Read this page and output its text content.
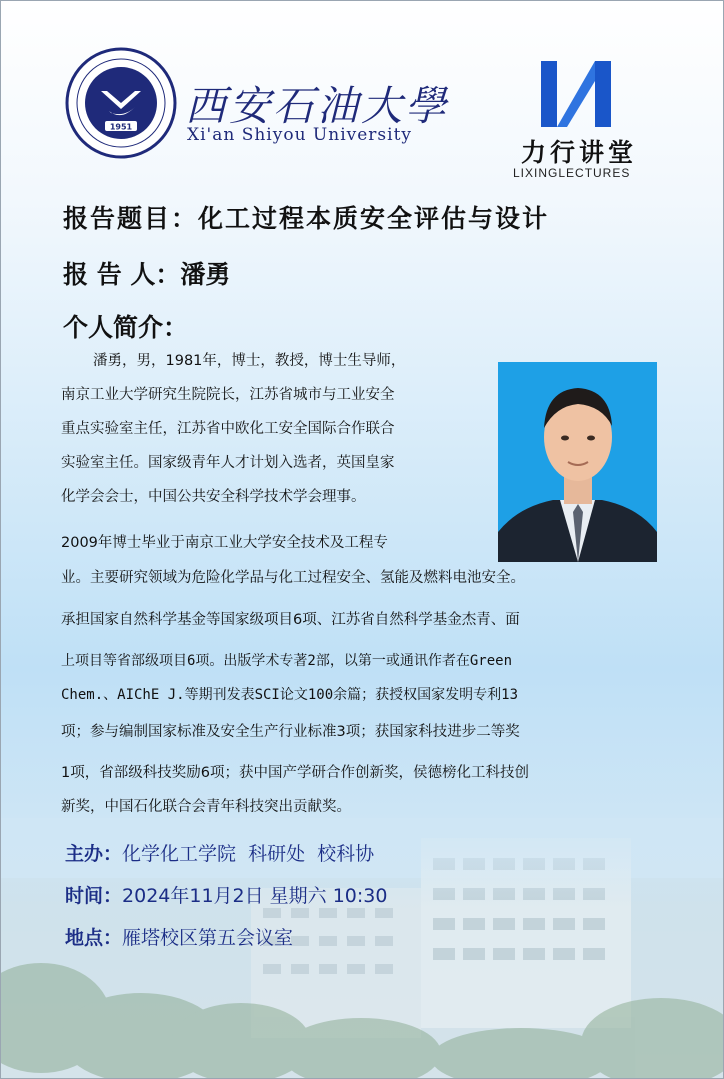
1951 西安石油大學
Xi'an Shiyou University
力行讲堂
LIXINGLECTURES
报告题目：化工过程本质安全评估与设计
报 告 人：潘勇
个人简介：
潘勇，男，1981年，博士，教授，博士生导师，
南京工业大学研究生院院长，江苏省城市与工业安全
重点实验室主任，江苏省中欧化工安全国际合作联合
实验室主任。国家级青年人才计划入选者，英国皇家
化学会会士，中国公共安全科学技术学会理事。
2009年博士毕业于南京工业大学安全技术及工程专
业。主要研究领域为危险化学品与化工过程安全、氢能及燃料电池安全。
承担国家自然科学基金等国家级项目6项、江苏省自然科学基金杰青、面
上项目等省部级项目6项。出版学术专著2部，以第一或通讯作者在Green
Chem.、AIChE J.等期刊发表SCI论文100余篇；获授权国家发明专利13
项；参与编制国家标准及安全生产行业标准3项；获国家科技进步二等奖
1项，省部级科技奖励6项；获中国产学研合作创新奖，侯德榜化工科技创
新奖，中国石化联合会青年科技突出贡献奖。
主办：化学化工学院  科研处  校科协
时间：2024年11月2日 星期六 10:30
地点：雁塔校区第五会议室
